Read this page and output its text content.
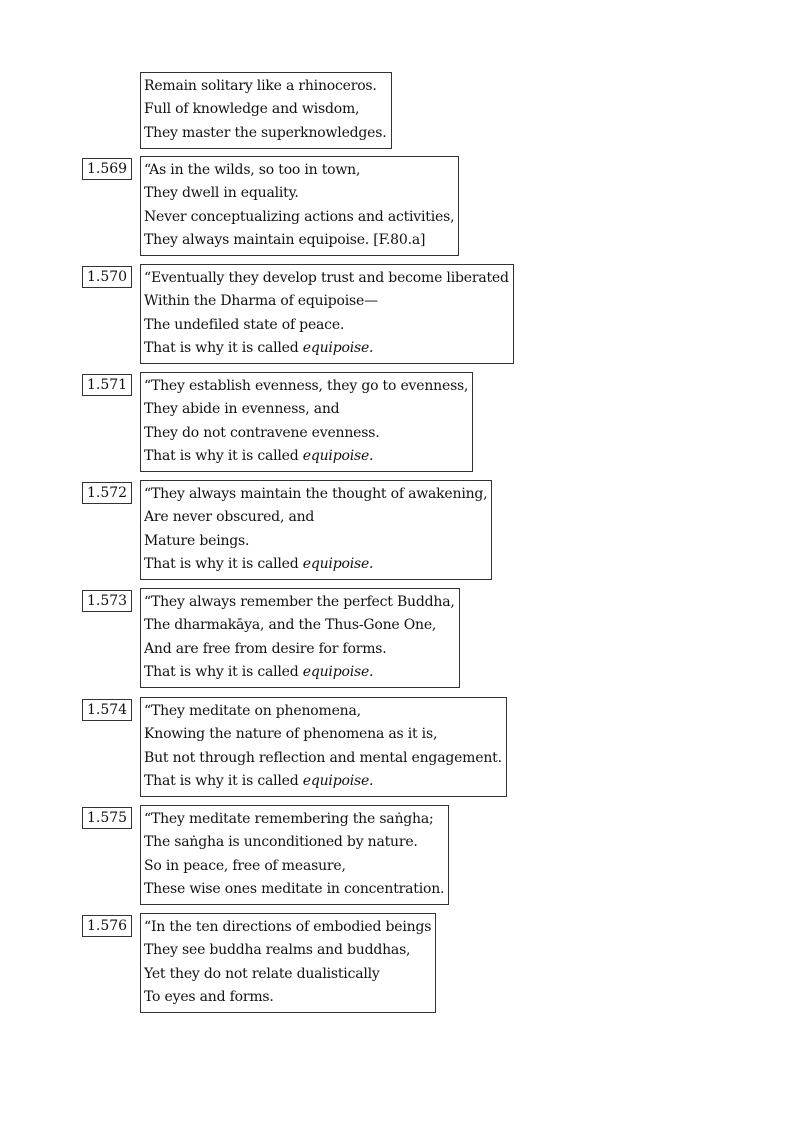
Remain solitary like a rhinoceros.
Full of knowledge and wisdom,
They master the superknowledges.
1.569	“As in the wilds, so too in town,
They dwell in equality.
Never conceptualizing actions and activities,
They always maintain equipoise. [F.80.a]
1.570	“Eventually they develop trust and become liberated
Within the Dharma of equipoise—
The undefiled state of peace.
That is why it is called equipoise.
1.571	“They establish evenness, they go to evenness,
They abide in evenness, and
They do not contravene evenness.
That is why it is called equipoise.
1.572	“They always maintain the thought of awakening,
Are never obscured, and
Mature beings.
That is why it is called equipoise.
1.573	“They always remember the perfect Buddha,
The dharmakāya, and the Thus-Gone One,
And are free from desire for forms.
That is why it is called equipoise.
1.574	“They meditate on phenomena,
Knowing the nature of phenomena as it is,
But not through reflection and mental engagement.
That is why it is called equipoise.
1.575	“They meditate remembering the saṅgha;
The saṅgha is unconditioned by nature.
So in peace, free of measure,
These wise ones meditate in concentration.
1.576	“In the ten directions of embodied beings
They see buddha realms and buddhas,
Yet they do not relate dualistically
To eyes and forms.
